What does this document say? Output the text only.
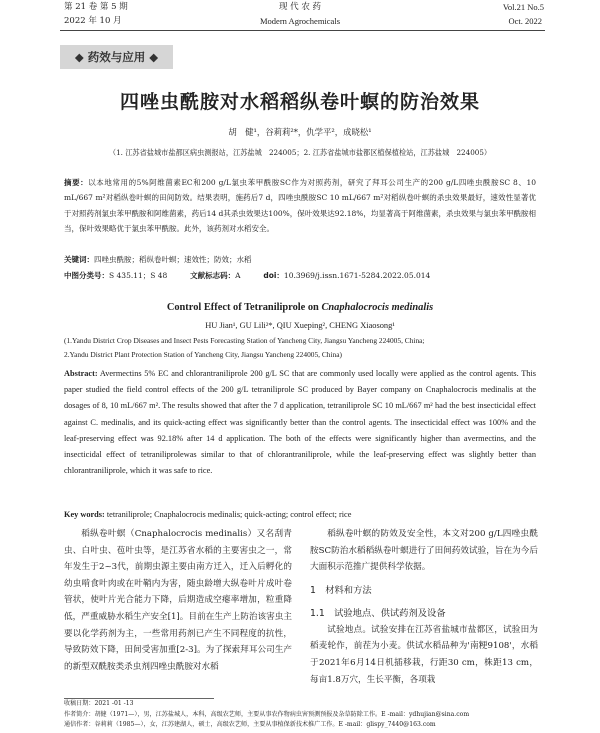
第 21 卷 第 5 期	现 代 农 药	Vol.21 No.5
2022 年 10 月	Modern Agrochemicals	Oct. 2022
◆ 药效与应用 ◆
四唑虫酰胺对水稻稻纵卷叶螟的防治效果
胡　健¹，谷莉莉²*，仇学平²，成晓松¹
（1. 江苏省盐城市盐都区病虫测报站，江苏盐城　224005；2. 江苏省盐城市盐都区植保植检站，江苏盐城　224005）
摘要：以本地常用的5%阿维菌素EC和200 g/L氯虫苯甲酰胺SC作为对照药剂，研究了拜耳公司生产的200 g/L四唑虫酰胺SC 8、10 mL/667 m²对稻纵卷叶螟的田间防效。结果表明，施药后7 d，四唑虫酰胺SC 10 mL/667 m²对稻纵卷叶螟的杀虫效果最好，速效性显著优于对照药剂氯虫苯甲酰胺和阿维菌素，药后14 d其杀虫效果达100%，保叶效果达92.18%，均显著高于阿维菌素，杀虫效果与氯虫苯甲酰胺相当，保叶效果略优于氯虫苯甲酰胺。此外，该药剂对水稻安全。
关键词：四唑虫酰胺；稻纵卷叶螟；速效性；防效；水稻
中图分类号：S 435.11；S 48	文献标志码：A	doi：10.3969/j.issn.1671-5284.2022.05.014
Control Effect of Tetraniliprole on Cnaphalocrocis medinalis
HU Jian¹, GU Lili²*, QIU Xueping², CHENG Xiaosong¹
(1.Yandu District Crop Diseases and Insect Pests Forecasting Station of Yancheng City, Jiangsu Yancheng 224005, China;
2.Yandu District Plant Protection Station of Yancheng City, Jiangsu Yancheng 224005, China)
Abstract: Avermectins 5% EC and chlorantraniliprole 200 g/L SC that are commonly used locally were applied as the control agents. This paper studied the field control effects of the 200 g/L tetraniliprole SC produced by Bayer company on Cnaphalocrocis medinalis at the dosages of 8, 10 mL/667 m². The results showed that after the 7 d application, tetraniliprole SC 10 mL/667 m² had the best insecticidal effect against C. medinalis, and its quick-acting effect was significantly better than the control agents. The insecticidal effect was 100% and the leaf-preserving effect was 92.18% after 14 d application. The both of the effects were significantly higher than avermectins, and the insecticidal effect of tetraniliprolewas similar to that of chlorantraniliprole, while the leaf-preserving effect was slightly better than chlorantraniliprole, which it was safe to rice.
Key words: tetraniliprole; Cnaphalocrocis medinalis; quick-acting; control effect; rice
稻纵卷叶螟（Cnaphalocrocis medinalis）又名刮青虫、白叶虫、苞叶虫等，是江苏省水稻的主要害虫之一，常年发生于2~3代，前期虫源主要由南方迁入，迁入后孵化的幼虫啃食叶肉或在叶鞘内为害，随虫龄增大纵卷叶片成叶卷管状，使叶片光合能力下降，后期造成空瘪率增加，粒重降低，严重威胁水稻生产安全[1]。目前在生产上防治该害虫主要以化学药剂为主，一些常用药剂已产生不同程度的抗性，导致防效下降，田间受害加重[2-3]。为了探索拜耳公司生产的新型双酰胺类杀虫剂四唑虫酰胺对水稻
稻纵卷叶螟的防效及安全性，本文对200 g/L四唑虫酰胺SC防治水稻稻纵卷叶螟进行了田间药效试验，旨在为今后大面积示范推广提供科学依据。
1　材料和方法
1.1　试验地点、供试药剂及设备
试验地点。试验安排在江苏省盐城市盐都区，试验田为稻麦轮作，前茬为小麦。供试水稻品种为'南粳9108'，水稻于2021年6月14日机插移栽，行距30 cm，株距13 cm，每亩1.8万穴，生长平衡，各项栽
收稿日期：2021 -01 -13
作者简介：胡健（1971—），男，江苏盐城人，本科，高级农艺师，主要从事农作物病虫害预测预报及杂草防除工作。E -mail：ydhujian@sina.com
通信作者：谷莉莉（1985—），女，江苏建湖人，硕士，高级农艺师，主要从事植保新技术推广工作。E -mail：glispy_7440@163.com
